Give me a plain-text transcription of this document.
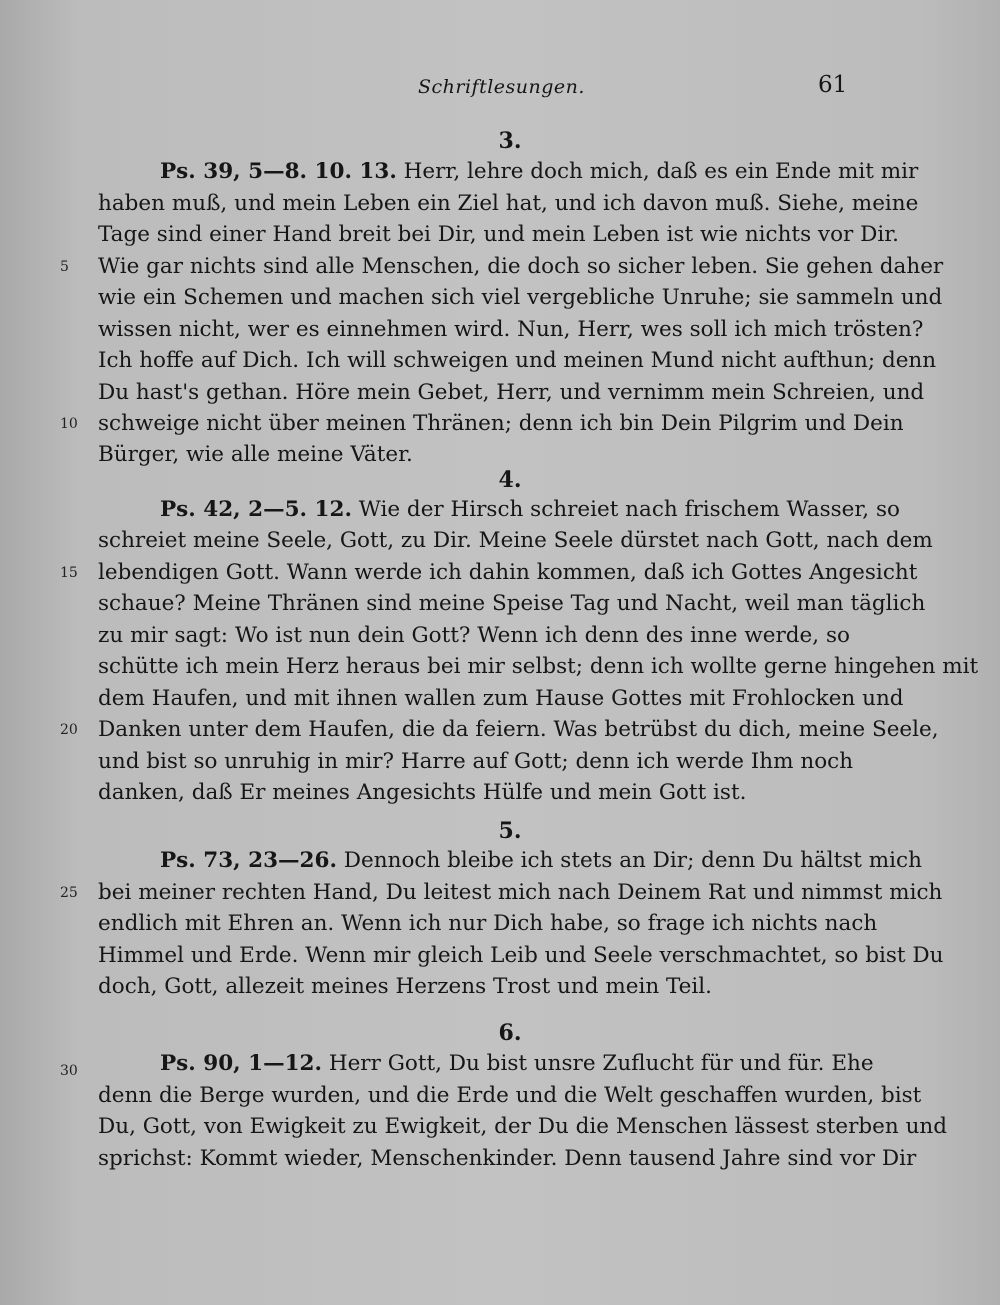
Schriftlesungen.	61
3.
Ps. 39, 5—8. 10. 13. Herr, lehre doch mich, daß es ein Ende mit mir
haben muß, und mein Leben ein Ziel hat, und ich davon muß. Siehe, meine
Tage sind einer Hand breit bei Dir, und mein Leben ist wie nichts vor Dir.
Wie gar nichts sind alle Menschen, die doch so sicher leben. Sie gehen daher
wie ein Schemen und machen sich viel vergebliche Unruhe; sie sammeln und
wissen nicht, wer es einnehmen wird. Nun, Herr, wes soll ich mich trösten?
Ich hoffe auf Dich. Ich will schweigen und meinen Mund nicht aufthun; denn
Du hast's gethan. Höre mein Gebet, Herr, und vernimm mein Schreien, und
schweige nicht über meinen Thränen; denn ich bin Dein Pilgrim und Dein
Bürger, wie alle meine Väter.
4.
Ps. 42, 2—5. 12. Wie der Hirsch schreiet nach frischem Wasser, so
schreiet meine Seele, Gott, zu Dir. Meine Seele dürstet nach Gott, nach dem
lebendigen Gott. Wann werde ich dahin kommen, daß ich Gottes Angesicht
schaue? Meine Thränen sind meine Speise Tag und Nacht, weil man täglich
zu mir sagt: Wo ist nun dein Gott? Wenn ich denn des inne werde, so
schütte ich mein Herz heraus bei mir selbst; denn ich wollte gerne hingehen mit
dem Haufen, und mit ihnen wallen zum Hause Gottes mit Frohlocken und
Danken unter dem Haufen, die da feiern. Was betrübst du dich, meine Seele,
und bist so unruhig in mir? Harre auf Gott; denn ich werde Ihm noch
danken, daß Er meines Angesichts Hülfe und mein Gott ist.
5.
Ps. 73, 23—26. Dennoch bleibe ich stets an Dir; denn Du hältst mich
bei meiner rechten Hand, Du leitest mich nach Deinem Rat und nimmst mich
endlich mit Ehren an. Wenn ich nur Dich habe, so frage ich nichts nach
Himmel und Erde. Wenn mir gleich Leib und Seele verschmachtet, so bist Du
doch, Gott, allezeit meines Herzens Trost und mein Teil.
6.
Ps. 90, 1—12. Herr Gott, Du bist unsre Zuflucht für und für. Ehe
denn die Berge wurden, und die Erde und die Welt geschaffen wurden, bist
Du, Gott, von Ewigkeit zu Ewigkeit, der Du die Menschen lässest sterben und
sprichst: Kommt wieder, Menschenkinder. Denn tausend Jahre sind vor Dir
5
10
15
20
25
30
